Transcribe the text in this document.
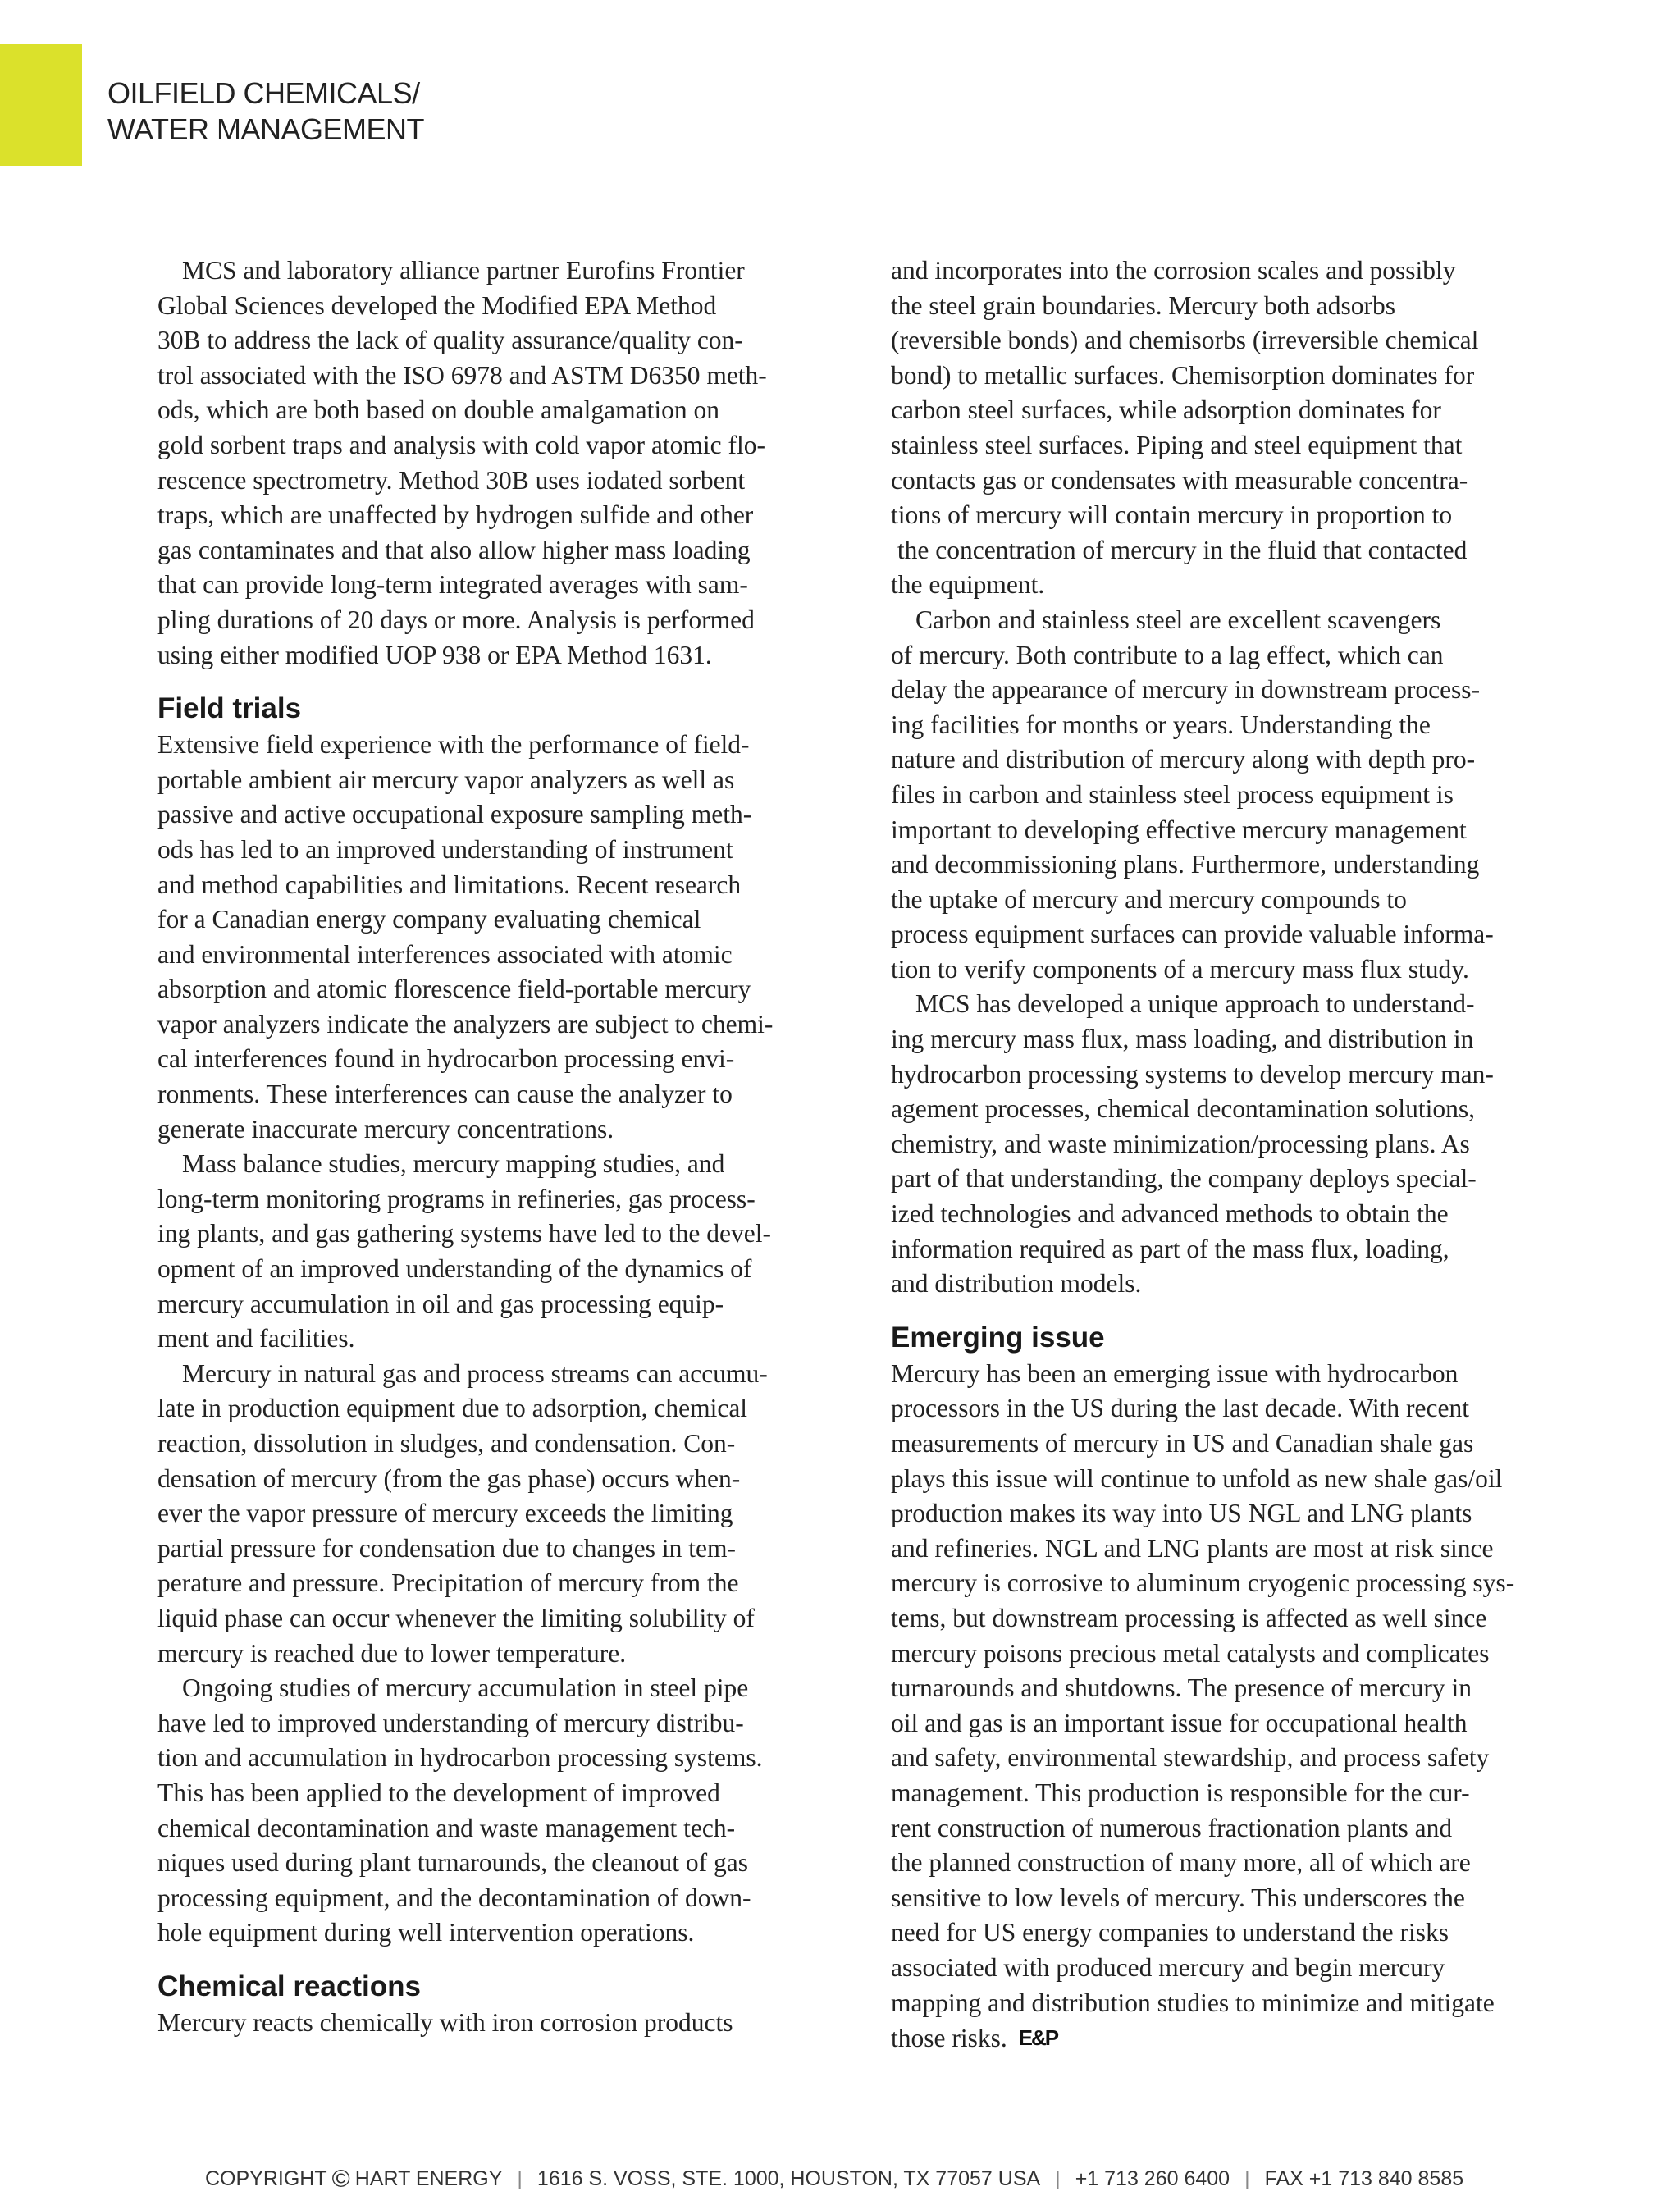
OILFIELD CHEMICALS/
WATER MANAGEMENT
MCS and laboratory alliance partner Eurofins Frontier
Global Sciences developed the Modified EPA Method
30B to address the lack of quality assurance/quality con-
trol associated with the ISO 6978 and ASTM D6350 meth-
ods, which are both based on double amalgamation on
gold sorbent traps and analysis with cold vapor atomic flo-
rescence spectrometry. Method 30B uses iodated sorbent
traps, which are unaffected by hydrogen sulfide and other
gas contaminates and that also allow higher mass loading
that can provide long-term integrated averages with sam-
pling durations of 20 days or more. Analysis is performed
using either modified UOP 938 or EPA Method 1631.
Field trials
Extensive field experience with the performance of field-
portable ambient air mercury vapor analyzers as well as
passive and active occupational exposure sampling meth-
ods has led to an improved understanding of instrument
and method capabilities and limitations. Recent research
for a Canadian energy company evaluating chemical
and environmental interferences associated with atomic
absorption and atomic florescence field-portable mercury
vapor analyzers indicate the analyzers are subject to chemi-
cal interferences found in hydrocarbon processing envi-
ronments. These interferences can cause the analyzer to
generate inaccurate mercury concentrations.
Mass balance studies, mercury mapping studies, and
long-term monitoring programs in refineries, gas process-
ing plants, and gas gathering systems have led to the devel-
opment of an improved understanding of the dynamics of
mercury accumulation in oil and gas processing equip-
ment and facilities.
Mercury in natural gas and process streams can accumu-
late in production equipment due to adsorption, chemical
reaction, dissolution in sludges, and condensation. Con-
densation of mercury (from the gas phase) occurs when-
ever the vapor pressure of mercury exceeds the limiting
partial pressure for condensation due to changes in tem-
perature and pressure. Precipitation of mercury from the
liquid phase can occur whenever the limiting solubility of
mercury is reached due to lower temperature.
Ongoing studies of mercury accumulation in steel pipe
have led to improved understanding of mercury distribu-
tion and accumulation in hydrocarbon processing systems.
This has been applied to the development of improved
chemical decontamination and waste management tech-
niques used during plant turnarounds, the cleanout of gas
processing equipment, and the decontamination of down-
hole equipment during well intervention operations.
Chemical reactions
Mercury reacts chemically with iron corrosion products
and incorporates into the corrosion scales and possibly
the steel grain boundaries. Mercury both adsorbs
(reversible bonds) and chemisorbs (irreversible chemical
bond) to metallic surfaces. Chemisorption dominates for
carbon steel surfaces, while adsorption dominates for
stainless steel surfaces. Piping and steel equipment that
contacts gas or condensates with measurable concentra-
tions of mercury will contain mercury in proportion to
the concentration of mercury in the fluid that contacted
the equipment.
Carbon and stainless steel are excellent scavengers
of mercury. Both contribute to a lag effect, which can
delay the appearance of mercury in downstream process-
ing facilities for months or years. Understanding the
nature and distribution of mercury along with depth pro-
files in carbon and stainless steel process equipment is
important to developing effective mercury management
and decommissioning plans. Furthermore, understanding
the uptake of mercury and mercury compounds to
process equipment surfaces can provide valuable informa-
tion to verify components of a mercury mass flux study.
MCS has developed a unique approach to understand-
ing mercury mass flux, mass loading, and distribution in
hydrocarbon processing systems to develop mercury man-
agement processes, chemical decontamination solutions,
chemistry, and waste minimization/processing plans. As
part of that understanding, the company deploys special-
ized technologies and advanced methods to obtain the
information required as part of the mass flux, loading,
and distribution models.
Emerging issue
Mercury has been an emerging issue with hydrocarbon
processors in the US during the last decade. With recent
measurements of mercury in US and Canadian shale gas
plays this issue will continue to unfold as new shale gas/oil
production makes its way into US NGL and LNG plants
and refineries. NGL and LNG plants are most at risk since
mercury is corrosive to aluminum cryogenic processing sys-
tems, but downstream processing is affected as well since
mercury poisons precious metal catalysts and complicates
turnarounds and shutdowns. The presence of mercury in
oil and gas is an important issue for occupational health
and safety, environmental stewardship, and process safety
management. This production is responsible for the cur-
rent construction of numerous fractionation plants and
the planned construction of many more, all of which are
sensitive to low levels of mercury. This underscores the
need for US energy companies to understand the risks
associated with produced mercury and begin mercury
mapping and distribution studies to minimize and mitigate
those risks. E&P
COPYRIGHT © HART ENERGY | 1616 S. VOSS, STE. 1000, HOUSTON, TX 77057 USA | +1 713 260 6400 | FAX +1 713 840 8585
